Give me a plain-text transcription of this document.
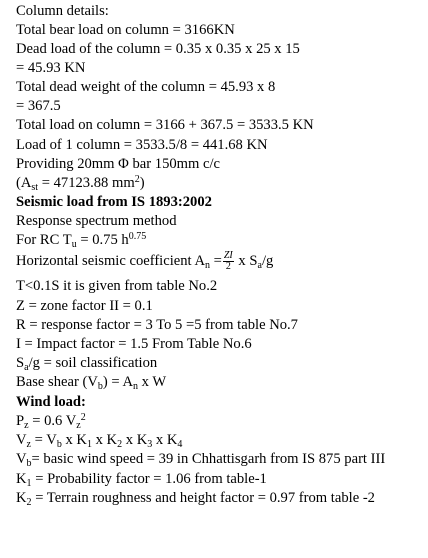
Column details:
Total bear load on column = 3166KN
Dead load of the column = 0.35 x 0.35 x 25 x 15
= 45.93 KN
Total dead weight of the column = 45.93 x 8
= 367.5
Total load on column = 3166 + 367.5 = 3533.5 KN
Load of 1 column = 3533.5/8 = 441.68 KN
Providing 20mm Φ bar 150mm c/c
($A_{st} = 47123.88$ $mm^2$)
Seismic load from IS 1893:2002
Response spectrum method
For RC $T_u = 0.75$ $h^{0.75}$
Horizontal seismic coefficient $A_n = \frac{ZI}{2}$ x $S_a/g$
T<0.1S it is given from table No.2
Z = zone factor II = 0.1
R = response factor = 3 To 5 =5 from table No.7
I = Impact factor = 1.5 From Table No.6
$S_a/g$ = soil classification
Base shear $(V_b) = A_n$ x W
Wind load:
$P_z = 0.6$ $V_z^2$
$V_z = V_b$ x $K_1$ x $K_2$ x $K_3$ x $K_4$
$V_b=$ basic wind speed = 39 in Chhattisgarh from IS 875 part III
$K_1$ = Probability factor = 1.06 from table-1
$K_2$ = Terrain roughness and height factor = 0.97 from table -2
